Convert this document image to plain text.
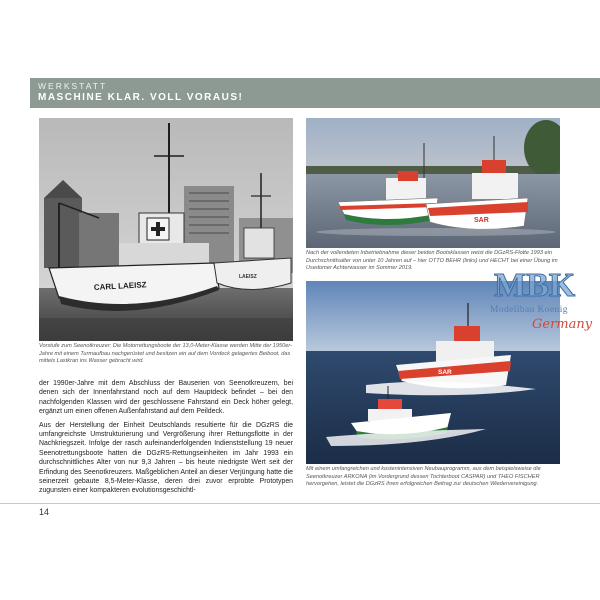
WERKSTATT
MASCHINE KLAR. VOLL VORAUS!
CARL LAEISZ
LAEISZ
Vorstufe zum Seenotkreuzer: Die Motorrettungsboote der 13,0-Meter-Klasse werden Mitte der 1950er-Jahre mit einem Turmaufbau nachgerüstet und besitzen ein auf dem Vordeck gelagertes Beiboot, das mittels Lastkran ins Wasser gebracht wird.
SAR
Nach der vollendeten Inbetriebnahme dieser beiden Bootsklassen weist die DGzRS-Flotte 1993 ein Durchschnittsalter von unter 10 Jahren auf – hier OTTO BEHR (links) und HECHT bei einer Übung im Usedomer Achterwasser im Sommer 2019.
SAR
Mit einem umfangreichen und kostenintensiven Neubauprogramm, aus dem beispielsweise die Seenotkreuzer ARKONA (im Vordergrund dessen Tochterboot CASPAR) und THEO FISCHER hervorgehen, leistet die DGzRS ihren erfolgreichen Beitrag zur deutschen Wiedervereinigung.

der 1990er-Jahre mit dem Abschluss der Bauserien von Seenotkreuzern, bei denen sich der Innenfahrstand noch auf dem Hauptdeck befindet – bei den nachfolgenden Klassen wird der geschlossene Fahrstand ein Deck höher gelegt, ergänzt um einen offenen Außenfahrstand auf dem Peildeck.

Aus der Herstellung der Einheit Deutschlands resultierte für die DGzRS die umfangreichste Umstrukturierung und Vergrößerung ihrer Rettungsflotte in der Nachkriegszeit. Infolge der rasch aufeinanderfolgenden Indienststellung 19 neuer Seenotrettungsboote hatten die DGzRS-Rettungseinheiten im Jahr 1993 ein durchschnittliches Alter von nur 9,3 Jahren – bis heute niedrigste Wert seit der Erfindung des Seenotkreuzers. Maßgeblichen Anteil an dieser Verjüngung hatte die seinerzeit gebaute 8,5-Meter-Klasse, deren drei zuvor erprobte Prototypen zugunsten einer kompakteren evolutionsgeschichtl-

MBK
Modellbau Koenig
Germany
14
